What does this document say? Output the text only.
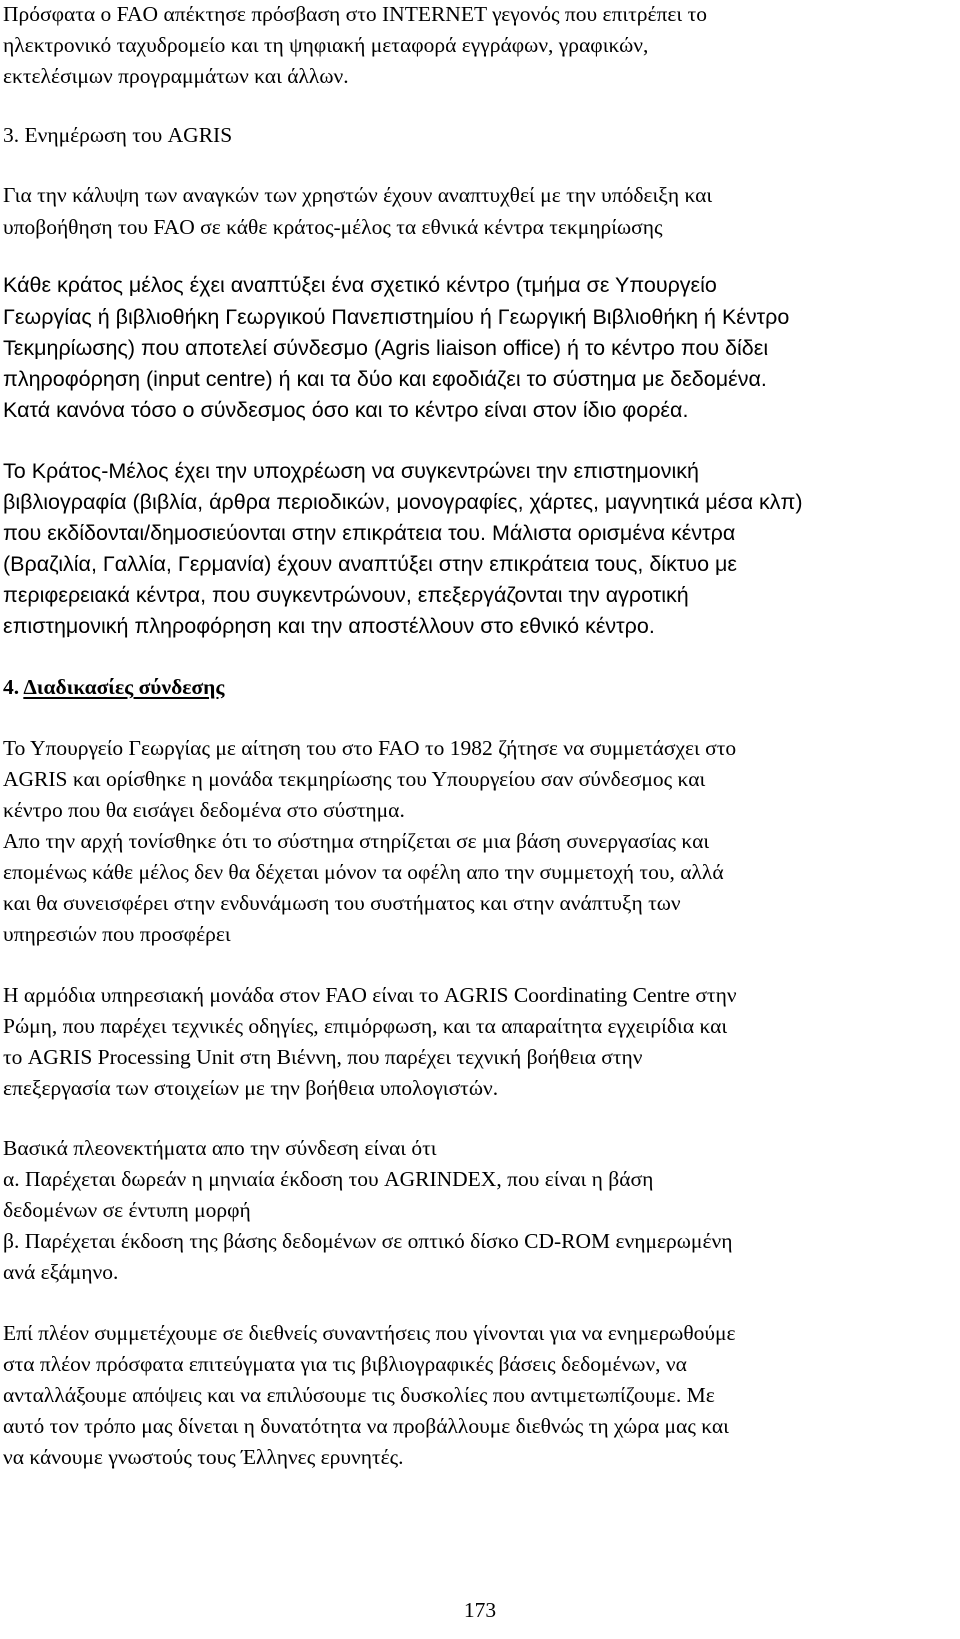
Πρόσφατα ο FAO απέκτησε πρόσβαση στο INTERNET γεγονός που επιτρέπει το
ηλεκτρονικό ταχυδρομείο και τη ψηφιακή μεταφορά εγγράφων, γραφικών,
εκτελέσιμων προγραμμάτων και άλλων.
3. Ενημέρωση του AGRIS
Για την κάλυψη των αναγκών των χρηστών έχουν αναπτυχθεί με την υπόδειξη και
υποβοήθηση του FAO σε κάθε κράτος-μέλος τα εθνικά κέντρα τεκμηρίωσης
Κάθε κράτος μέλος έχει αναπτύξει ένα σχετικό κέντρο (τμήμα σε Υπουργείο
Γεωργίας ή βιβλιοθήκη Γεωργικού Πανεπιστημίου ή Γεωργική Βιβλιοθήκη ή Κέντρο
Τεκμηρίωσης) που αποτελεί σύνδεσμο (Agris liaison office) ή το κέντρο που δίδει
πληροφόρηση (input centre) ή και τα δύο και εφοδιάζει το σύστημα με δεδομένα.
Κατά κανόνα τόσο ο σύνδεσμος όσο και το κέντρο είναι στον ίδιο φορέα.
Το Κράτος-Μέλος έχει την υποχρέωση να συγκεντρώνει την επιστημονική
βιβλιογραφία (βιβλία, άρθρα περιοδικών, μονογραφίες, χάρτες, μαγνητικά μέσα κλπ)
που εκδίδονται/δημοσιεύονται στην επικράτεια του. Μάλιστα ορισμένα κέντρα
(Βραζιλία, Γαλλία, Γερμανία) έχουν αναπτύξει στην επικράτεια τους, δίκτυο με
περιφερειακά κέντρα, που συγκεντρώνουν, επεξεργάζονται την αγροτική
επιστημονική πληροφόρηση και την αποστέλλουν στο εθνικό κέντρο.
4. Διαδικασίες σύνδεσης
Το Υπουργείο Γεωργίας με αίτηση του στο FAO το 1982 ζήτησε να συμμετάσχει στο
AGRIS και ορίσθηκε η μονάδα τεκμηρίωσης του Υπουργείου σαν σύνδεσμος και
κέντρο που θα εισάγει δεδομένα στο σύστημα.
Απο την αρχή τονίσθηκε ότι το σύστημα στηρίζεται σε μια βάση συνεργασίας και
επομένως κάθε μέλος δεν θα δέχεται μόνον τα οφέλη απο την συμμετοχή του, αλλά
και θα συνεισφέρει στην ενδυνάμωση του συστήματος και στην ανάπτυξη των
υπηρεσιών που προσφέρει
Η αρμόδια υπηρεσιακή μονάδα στον FAO είναι το AGRIS Coordinating Centre στην
Ρώμη, που παρέχει τεχνικές οδηγίες, επιμόρφωση, και τα απαραίτητα εγχειρίδια και
το AGRIS Processing Unit στη Βιέννη, που παρέχει τεχνική βοήθεια στην
επεξεργασία των στοιχείων με την βοήθεια υπολογιστών.
Βασικά πλεονεκτήματα απο την σύνδεση είναι ότι
α. Παρέχεται δωρεάν η μηνιαία έκδοση του AGRINDEX, που είναι η βάση
δεδομένων σε έντυπη μορφή
β. Παρέχεται έκδοση της βάσης δεδομένων σε οπτικό δίσκο CD-ROM ενημερωμένη
ανά εξάμηνο.
Επί πλέον συμμετέχουμε σε διεθνείς συναντήσεις που γίνονται για να ενημερωθούμε
στα πλέον πρόσφατα επιτεύγματα για τις βιβλιογραφικές βάσεις δεδομένων, να
ανταλλάξουμε απόψεις και να επιλύσουμε τις δυσκολίες που αντιμετωπίζουμε. Με
αυτό τον τρόπο μας δίνεται η δυνατότητα να προβάλλουμε διεθνώς τη χώρα μας και
να κάνουμε γνωστούς τους Έλληνες ερυνητές.
173
